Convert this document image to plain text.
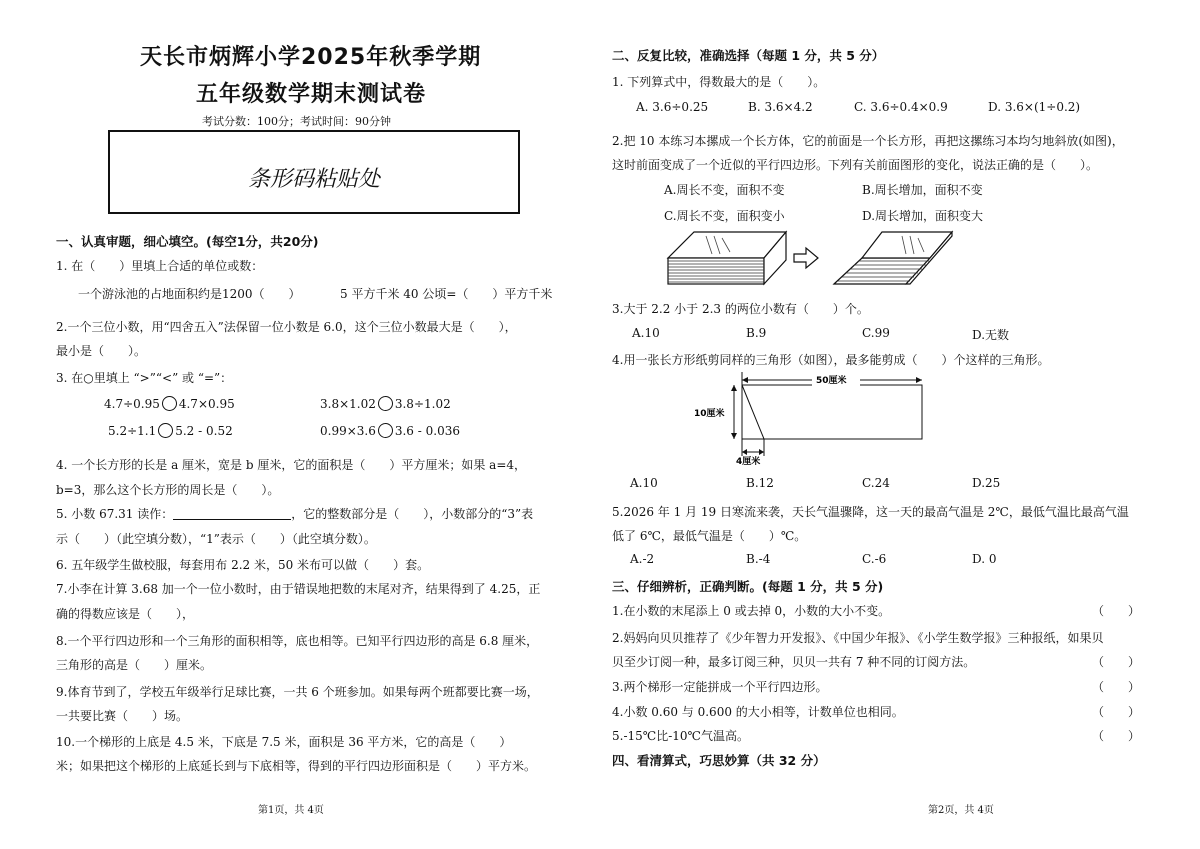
天长市炳辉小学2025年秋季学期
五年级数学期末测试卷
考试分数：100分；考试时间：90分钟
条形码粘贴处
一、认真审题，细心填空。(每空1分，共20分)
1. 在（　　）里填上合适的单位或数：
一个游泳池的占地面积约是1200（　　）	5 平方千米 40 公顷=（　　）平方千米
2.一个三位小数，用“四舍五入”法保留一位小数是 6.0，这个三位小数最大是（　　），
最小是（　　）。
3. 在○里填上 “>”“<” 或 “=”：
4.7÷0.95 4.7×0.95	3.8×1.02 3.8÷1.02
5.2÷1.1 5.2 - 0.52	0.99×3.6 3.6 - 0.036
4. 一个长方形的长是 a 厘米，宽是 b 厘米，它的面积是（　　）平方厘米；如果 a=4，
b=3，那么这个长方形的周长是（　　）。
5. 小数 67.31 读作：	，它的整数部分是（　　），小数部分的“3”表
示（　　）（此空填分数），“1”表示（　　）（此空填分数）。
6. 五年级学生做校服，每套用布 2.2 米，50 米布可以做（　　）套。
7.小李在计算 3.68 加一个一位小数时，由于错误地把数的末尾对齐，结果得到了 4.25，正
确的得数应该是（　　），
8.一个平行四边形和一个三角形的面积相等，底也相等。已知平行四边形的高是 6.8 厘米，
三角形的高是（　　）厘米。
9.体育节到了，学校五年级举行足球比赛，一共 6 个班参加。如果每两个班都要比赛一场，
一共要比赛（　　）场。
10.一个梯形的上底是 4.5 米，下底是 7.5 米，面积是 36 平方米，它的高是（　　）
米；如果把这个梯形的上底延长到与下底相等，得到的平行四边形面积是（　　）平方米。
第1页，共 4页
二、反复比较，准确选择（每题 1 分，共 5 分）
1. 下列算式中，得数最大的是（　　）。
A. 3.6÷0.25	B. 3.6×4.2	C. 3.6÷0.4×0.9	D. 3.6×(1÷0.2)
2.把 10 本练习本摞成一个长方体，它的前面是一个长方形，再把这摞练习本均匀地斜放(如图)，
这时前面变成了一个近似的平行四边形。下列有关前面图形的变化，说法正确的是（　　）。
A.周长不变，面积不变	B.周长增加，面积不变
C.周长不变，面积变小	D.周长增加，面积变大
3.大于 2.2 小于 2.3 的两位小数有（　　）个。
A.10	B.9	C.99	D.无数
4.用一张长方形纸剪同样的三角形（如图），最多能剪成（　　）个这样的三角形。
50厘米
10厘米
4厘米
A.10	B.12	C.24	D.25
5.2026 年 1 月 19 日寒流来袭，天长气温骤降，这一天的最高气温是 2℃，最低气温比最高气温
低了 6℃，最低气温是（　　）℃。
A.-2	B.-4	C.-6	D. 0
三、仔细辨析，正确判断。(每题 1 分，共 5 分)
1.在小数的末尾添上 0 或去掉 0，小数的大小不变。	（　　）
2.妈妈向贝贝推荐了《少年智力开发报》、《中国少年报》、《小学生数学报》三种报纸，如果贝
贝至少订阅一种，最多订阅三种，贝贝一共有 7 种不同的订阅方法。	（　　）
3.两个梯形一定能拼成一个平行四边形。	（　　）
4.小数 0.60 与 0.600 的大小相等，计数单位也相同。	（　　）
5.-15℃比-10℃气温高。	（　　）
四、看清算式，巧思妙算（共 32 分）
第2页，共 4页
